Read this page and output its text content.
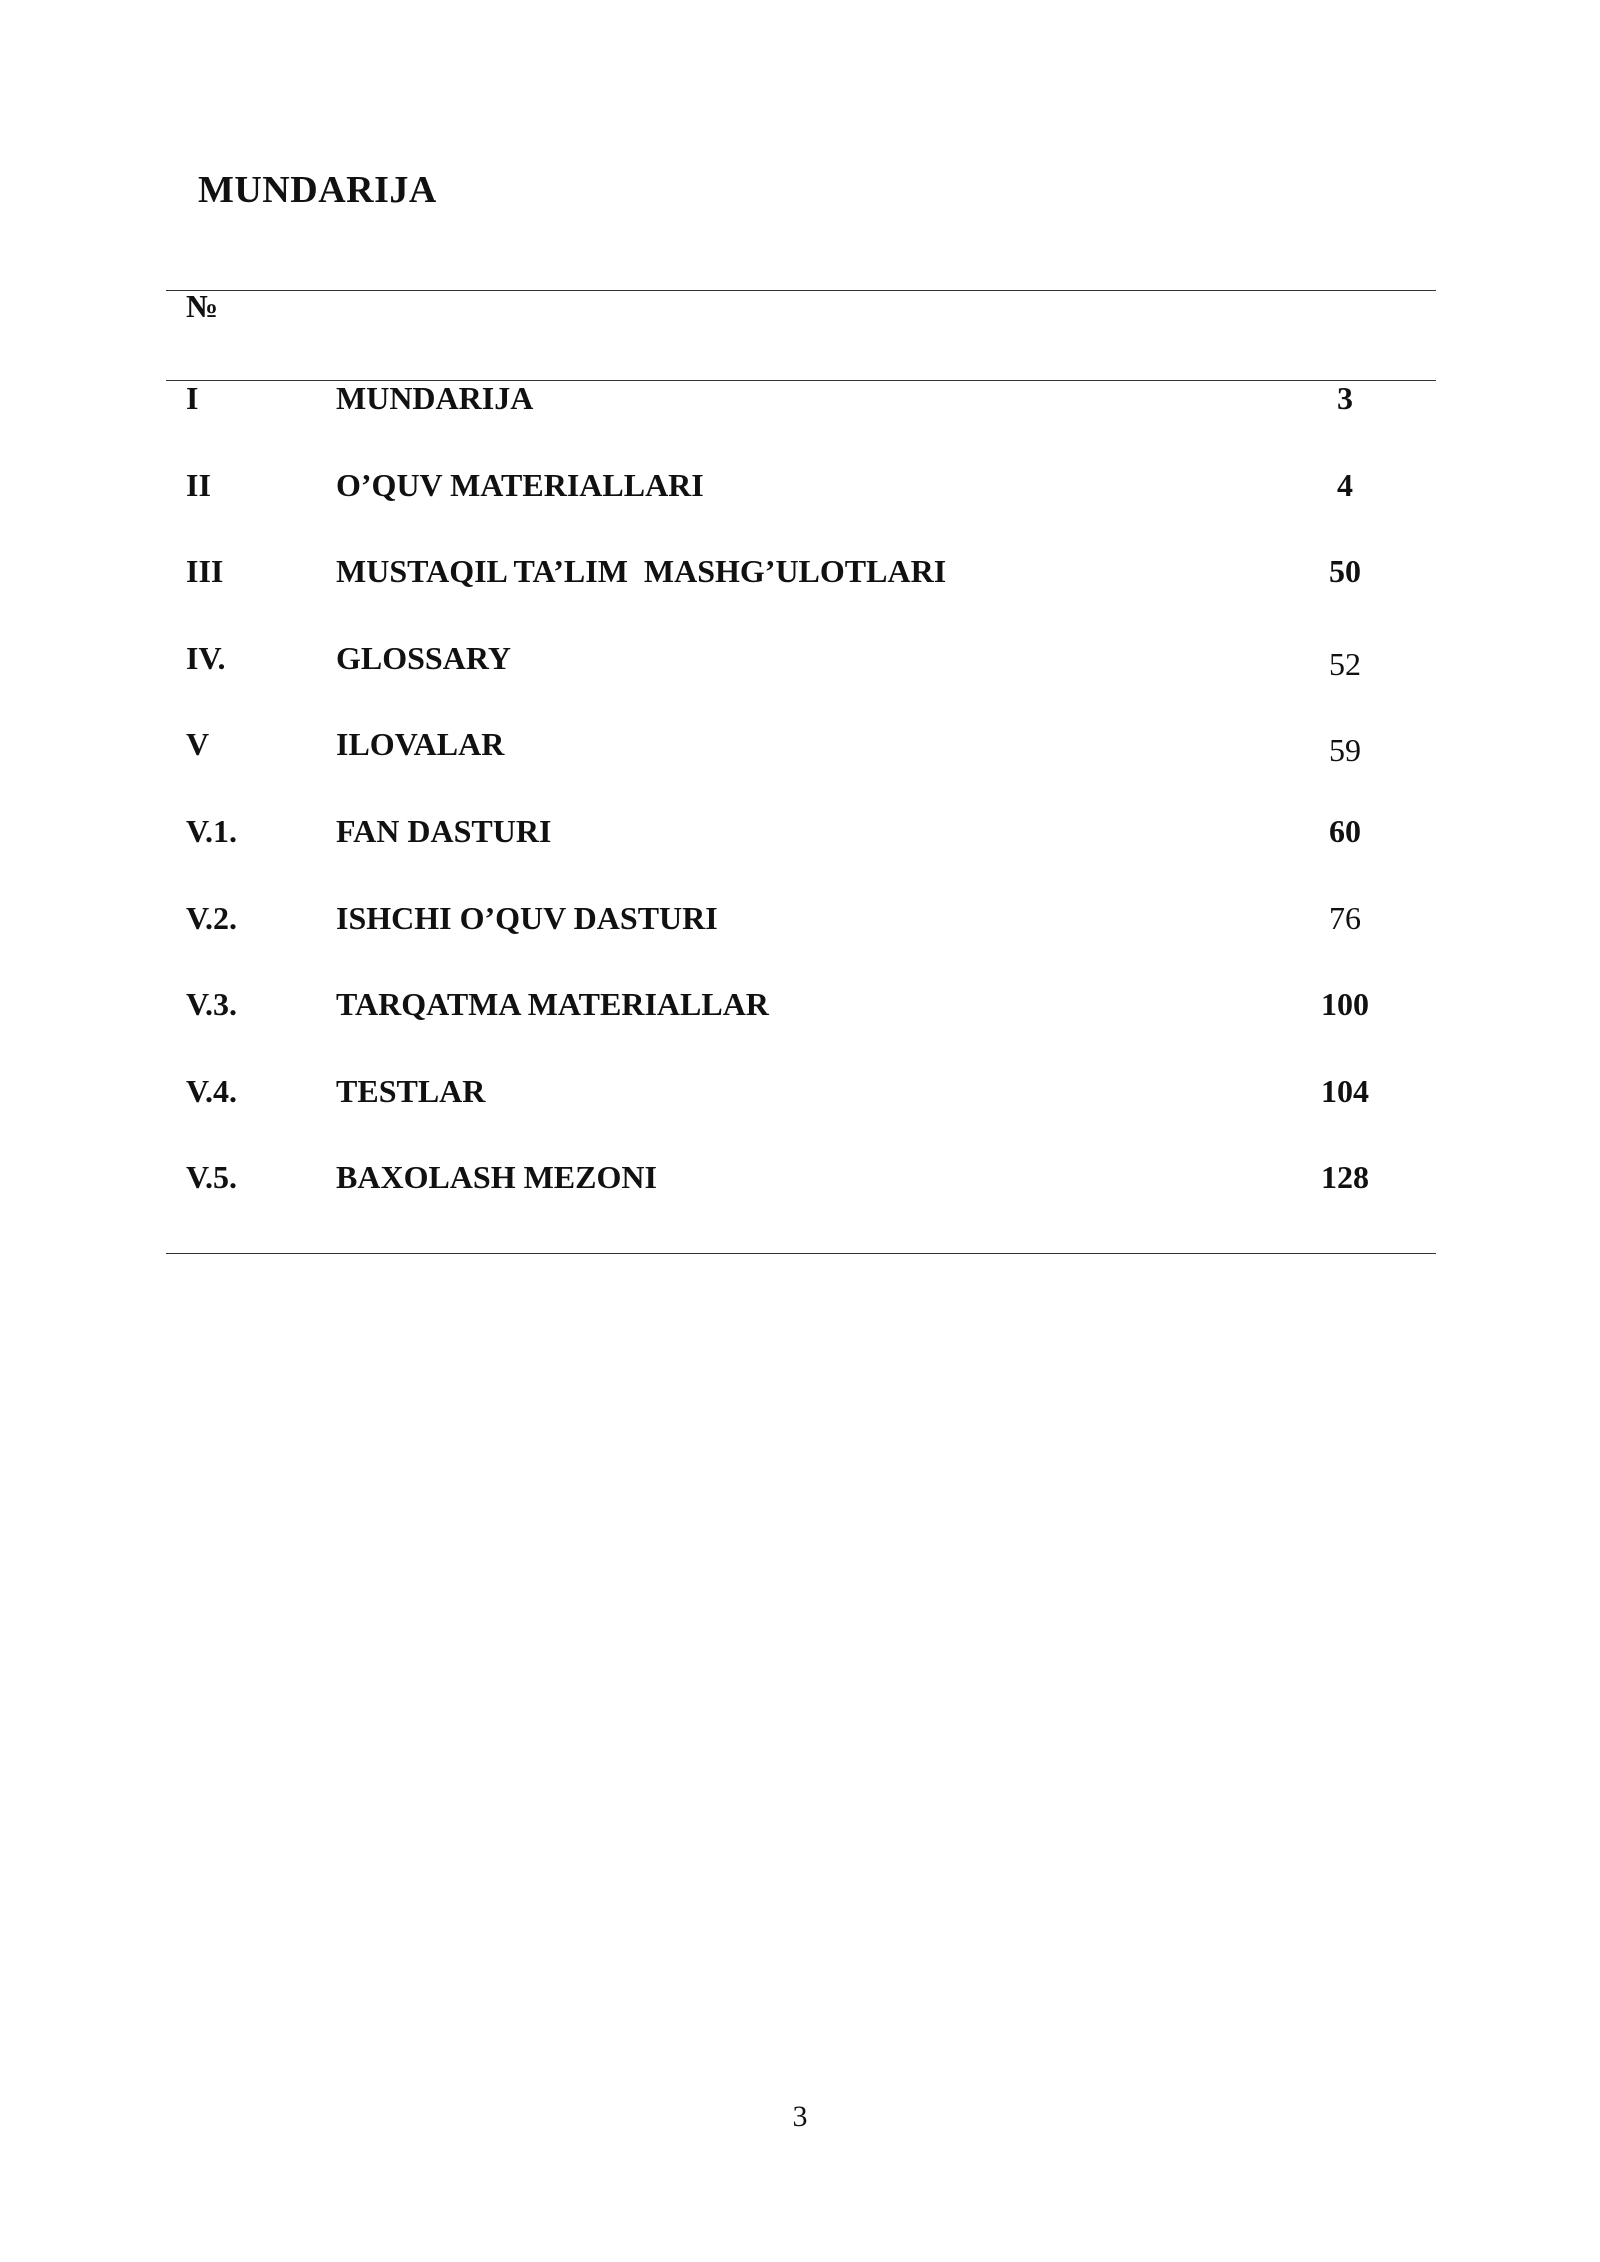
MUNDARIJA
№
I	MUNDARIJA	3
II	O’QUV MATERIALLARI	4
III	MUSTAQIL TA’LIM  MASHG’ULOTLARI	50
IV.	GLOSSARY	52
V	ILOVALAR	59
V.1.	FAN DASTURI	60
V.2.	ISHCHI O’QUV DASTURI	76
V.3.	TARQATMA MATERIALLAR	100
V.4.	TESTLAR	104
V.5.	BAXOLASH MEZONI	128
3
